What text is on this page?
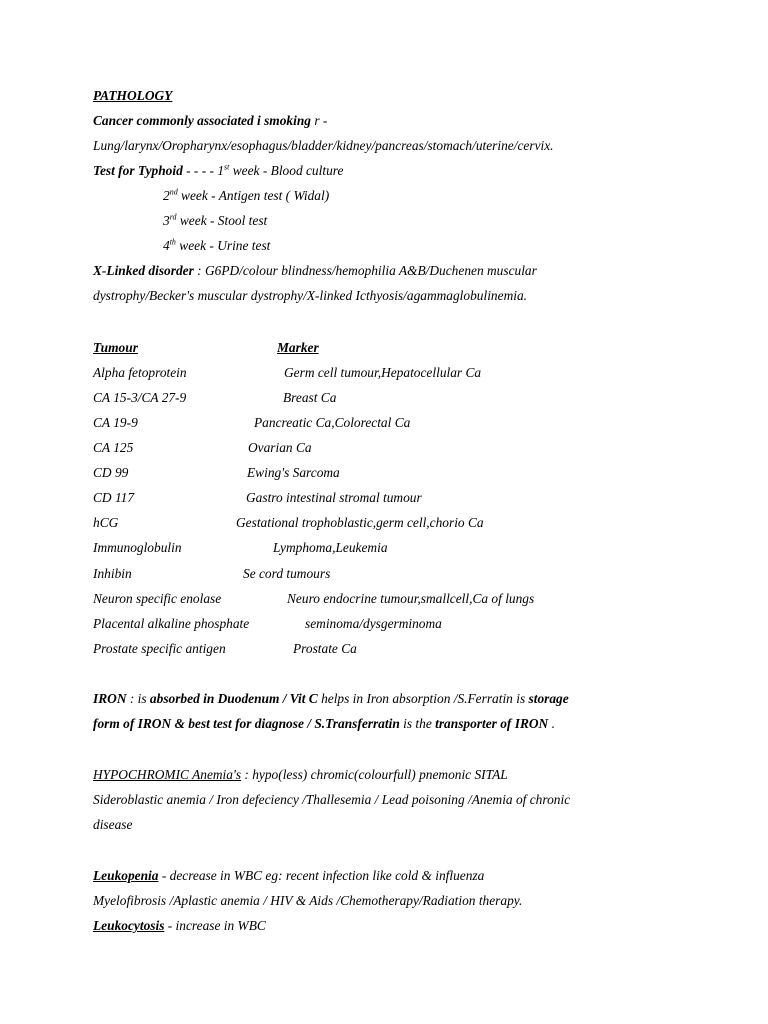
PATHOLOGY
Cancer commonly associated i smoking r -
Lung/larynx/Oropharynx/esophagus/bladder/kidney/pancreas/stomach/uterine/cervix.
Test for Typhoid - - - - 1st week - Blood culture
2nd week - Antigen test ( Widal)
3rd week - Stool test
4th week - Urine test
X-Linked disorder : G6PD/colour blindness/hemophilia A&B/Duchenen muscular
dystrophy/Becker's muscular dystrophy/X-linked Icthyosis/agammaglobulinemia.
Tumour	Marker
Alpha fetoprotein	Germ cell tumour,Hepatocellular Ca
CA 15-3/CA 27-9	Breast Ca
CA 19-9	Pancreatic Ca,Colorectal Ca
CA 125	Ovarian Ca
CD 99	Ewing's Sarcoma
CD 117	Gastro intestinal stromal tumour
hCG	Gestational trophoblastic,germ cell,chorio Ca
Immunoglobulin	Lymphoma,Leukemia
Inhibin	Se cord tumours
Neuron specific enolase	Neuro endocrine tumour,smallcell,Ca of lungs
Placental alkaline phosphate	seminoma/dysgerminoma
Prostate specific antigen	Prostate Ca
IRON : is absorbed in Duodenum / Vit C helps in Iron absorption /S.Ferratin is storage
form of IRON & best test for diagnose / S.Transferratin is the transporter of IRON .
HYPOCHROMIC Anemia's : hypo(less) chromic(colourfull) pnemonic SITAL
Sideroblastic anemia / Iron defeciency /Thallesemia / Lead poisoning /Anemia of chronic
disease
Leukopenia - decrease in WBC eg: recent infection like cold & influenza
Myelofibrosis /Aplastic anemia / HIV & Aids /Chemotherapy/Radiation therapy.
Leukocytosis - increase in WBC
